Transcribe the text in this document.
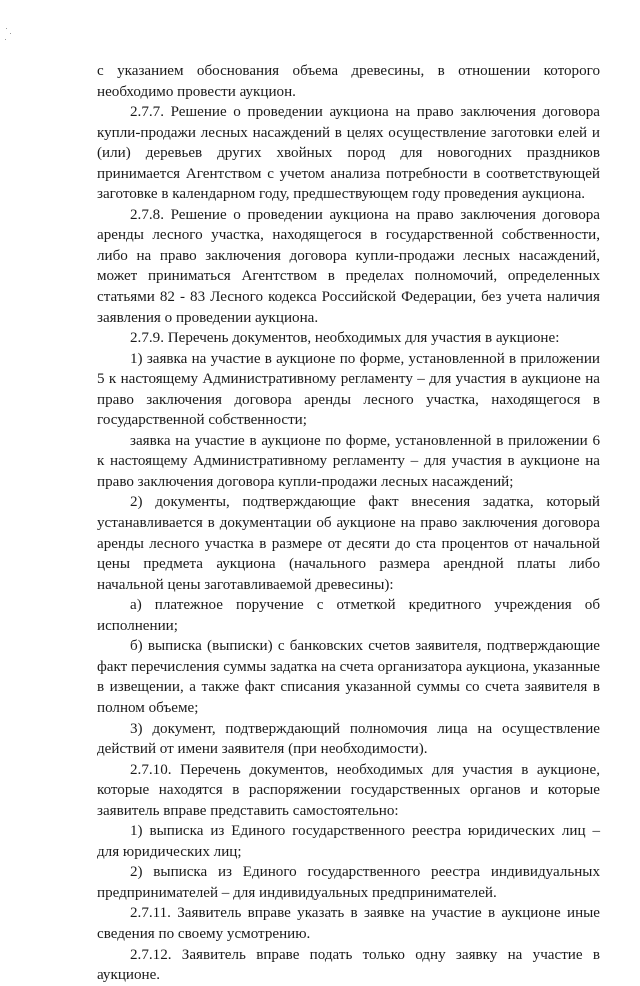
с указанием обоснования объема древесины, в отношении которого необходимо провести аукцион.

2.7.7. Решение о проведении аукциона на право заключения договора купли-продажи лесных насаждений в целях осуществление заготовки елей и (или) деревьев других хвойных пород для новогодних праздников принимается Агентством с учетом анализа потребности в соответствующей заготовке в календарном году, предшествующем году проведения аукциона.

2.7.8. Решение о проведении аукциона на право заключения договора аренды лесного участка, находящегося в государственной собственности, либо на право заключения договора купли-продажи лесных насаждений, может приниматься Агентством в пределах полномочий, определенных статьями 82 - 83 Лесного кодекса Российской Федерации, без учета наличия заявления о проведении аукциона.

2.7.9. Перечень документов, необходимых для участия в аукционе:

1) заявка на участие в аукционе по форме, установленной в приложении 5 к настоящему Административному регламенту – для участия в аукционе на право заключения договора аренды лесного участка, находящегося в государственной собственности;

заявка на участие в аукционе по форме, установленной в приложении 6 к настоящему Административному регламенту – для участия в аукционе на право заключения договора купли-продажи лесных насаждений;

2) документы, подтверждающие факт внесения задатка, который устанавливается в документации об аукционе на право заключения договора аренды лесного участка в размере от десяти до ста процентов от начальной цены предмета аукциона (начального размера арендной платы либо начальной цены заготавливаемой древесины):

а) платежное поручение с отметкой кредитного учреждения об исполнении;

б) выписка (выписки) с банковских счетов заявителя, подтверждающие факт перечисления суммы задатка на счета организатора аукциона, указанные в извещении, а также факт списания указанной суммы со счета заявителя в полном объеме;

3) документ, подтверждающий полномочия лица на осуществление действий от имени заявителя (при необходимости).

2.7.10. Перечень документов, необходимых для участия в аукционе, которые находятся в распоряжении государственных органов и которые заявитель вправе представить самостоятельно:

1) выписка из Единого государственного реестра юридических лиц – для юридических лиц;

2) выписка из Единого государственного реестра индивидуальных предпринимателей – для индивидуальных предпринимателей.

2.7.11. Заявитель вправе указать в заявке на участие в аукционе иные сведения по своему усмотрению.

2.7.12. Заявитель вправе подать только одну заявку на участие в аукционе.
